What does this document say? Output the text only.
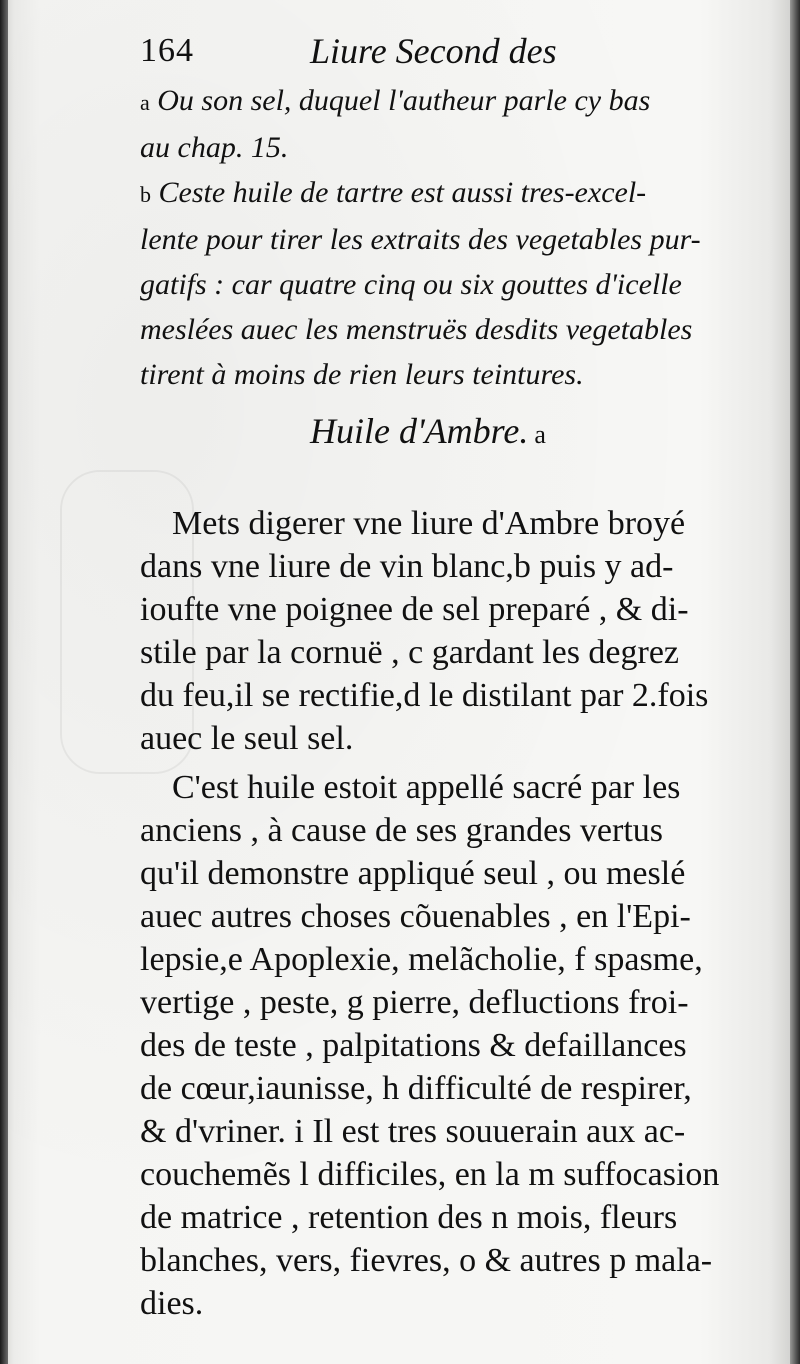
164	Liure Second des

a Ou son sel, duquel l'autheur parle cy bas
au chap. 15.

b Ceste huile de tartre est aussi tres-excel-
lente pour tirer les extraits des vegetables pur-
gatifs : car quatre cinq ou six gouttes d'icelle
meslées auec les menstruës desdits vegetables
tirent à moins de rien leurs teintures.

Huile d'Ambre. a

Mets digerer vne liure d'Ambre broyé
dans vne liure de vin blanc,b puis y ad-
ioufte vne poignee de sel preparé , & di-
stile par la cornuë , c gardant les degrez
du feu,il se rectifie,d le distilant par 2.fois
auec le seul sel.

C'est huile estoit appellé sacré par les
anciens , à cause de ses grandes vertus
qu'il demonstre appliqué seul , ou meslé
auec autres choses cõuenables , en l'Epi-
lepsie,e Apoplexie, melãcholie, f spasme,
vertige , peste, g pierre, defluctions froi-
des de teste , palpitations & defaillances
de cœur,iaunisse, h difficulté de respirer,
& d'vriner. i Il est tres souuerain aux ac-
couchemẽs l difficiles, en la m suffocasion
de matrice , retention des n mois, fleurs
blanches, vers, fievres, o & autres p mala-
dies.
